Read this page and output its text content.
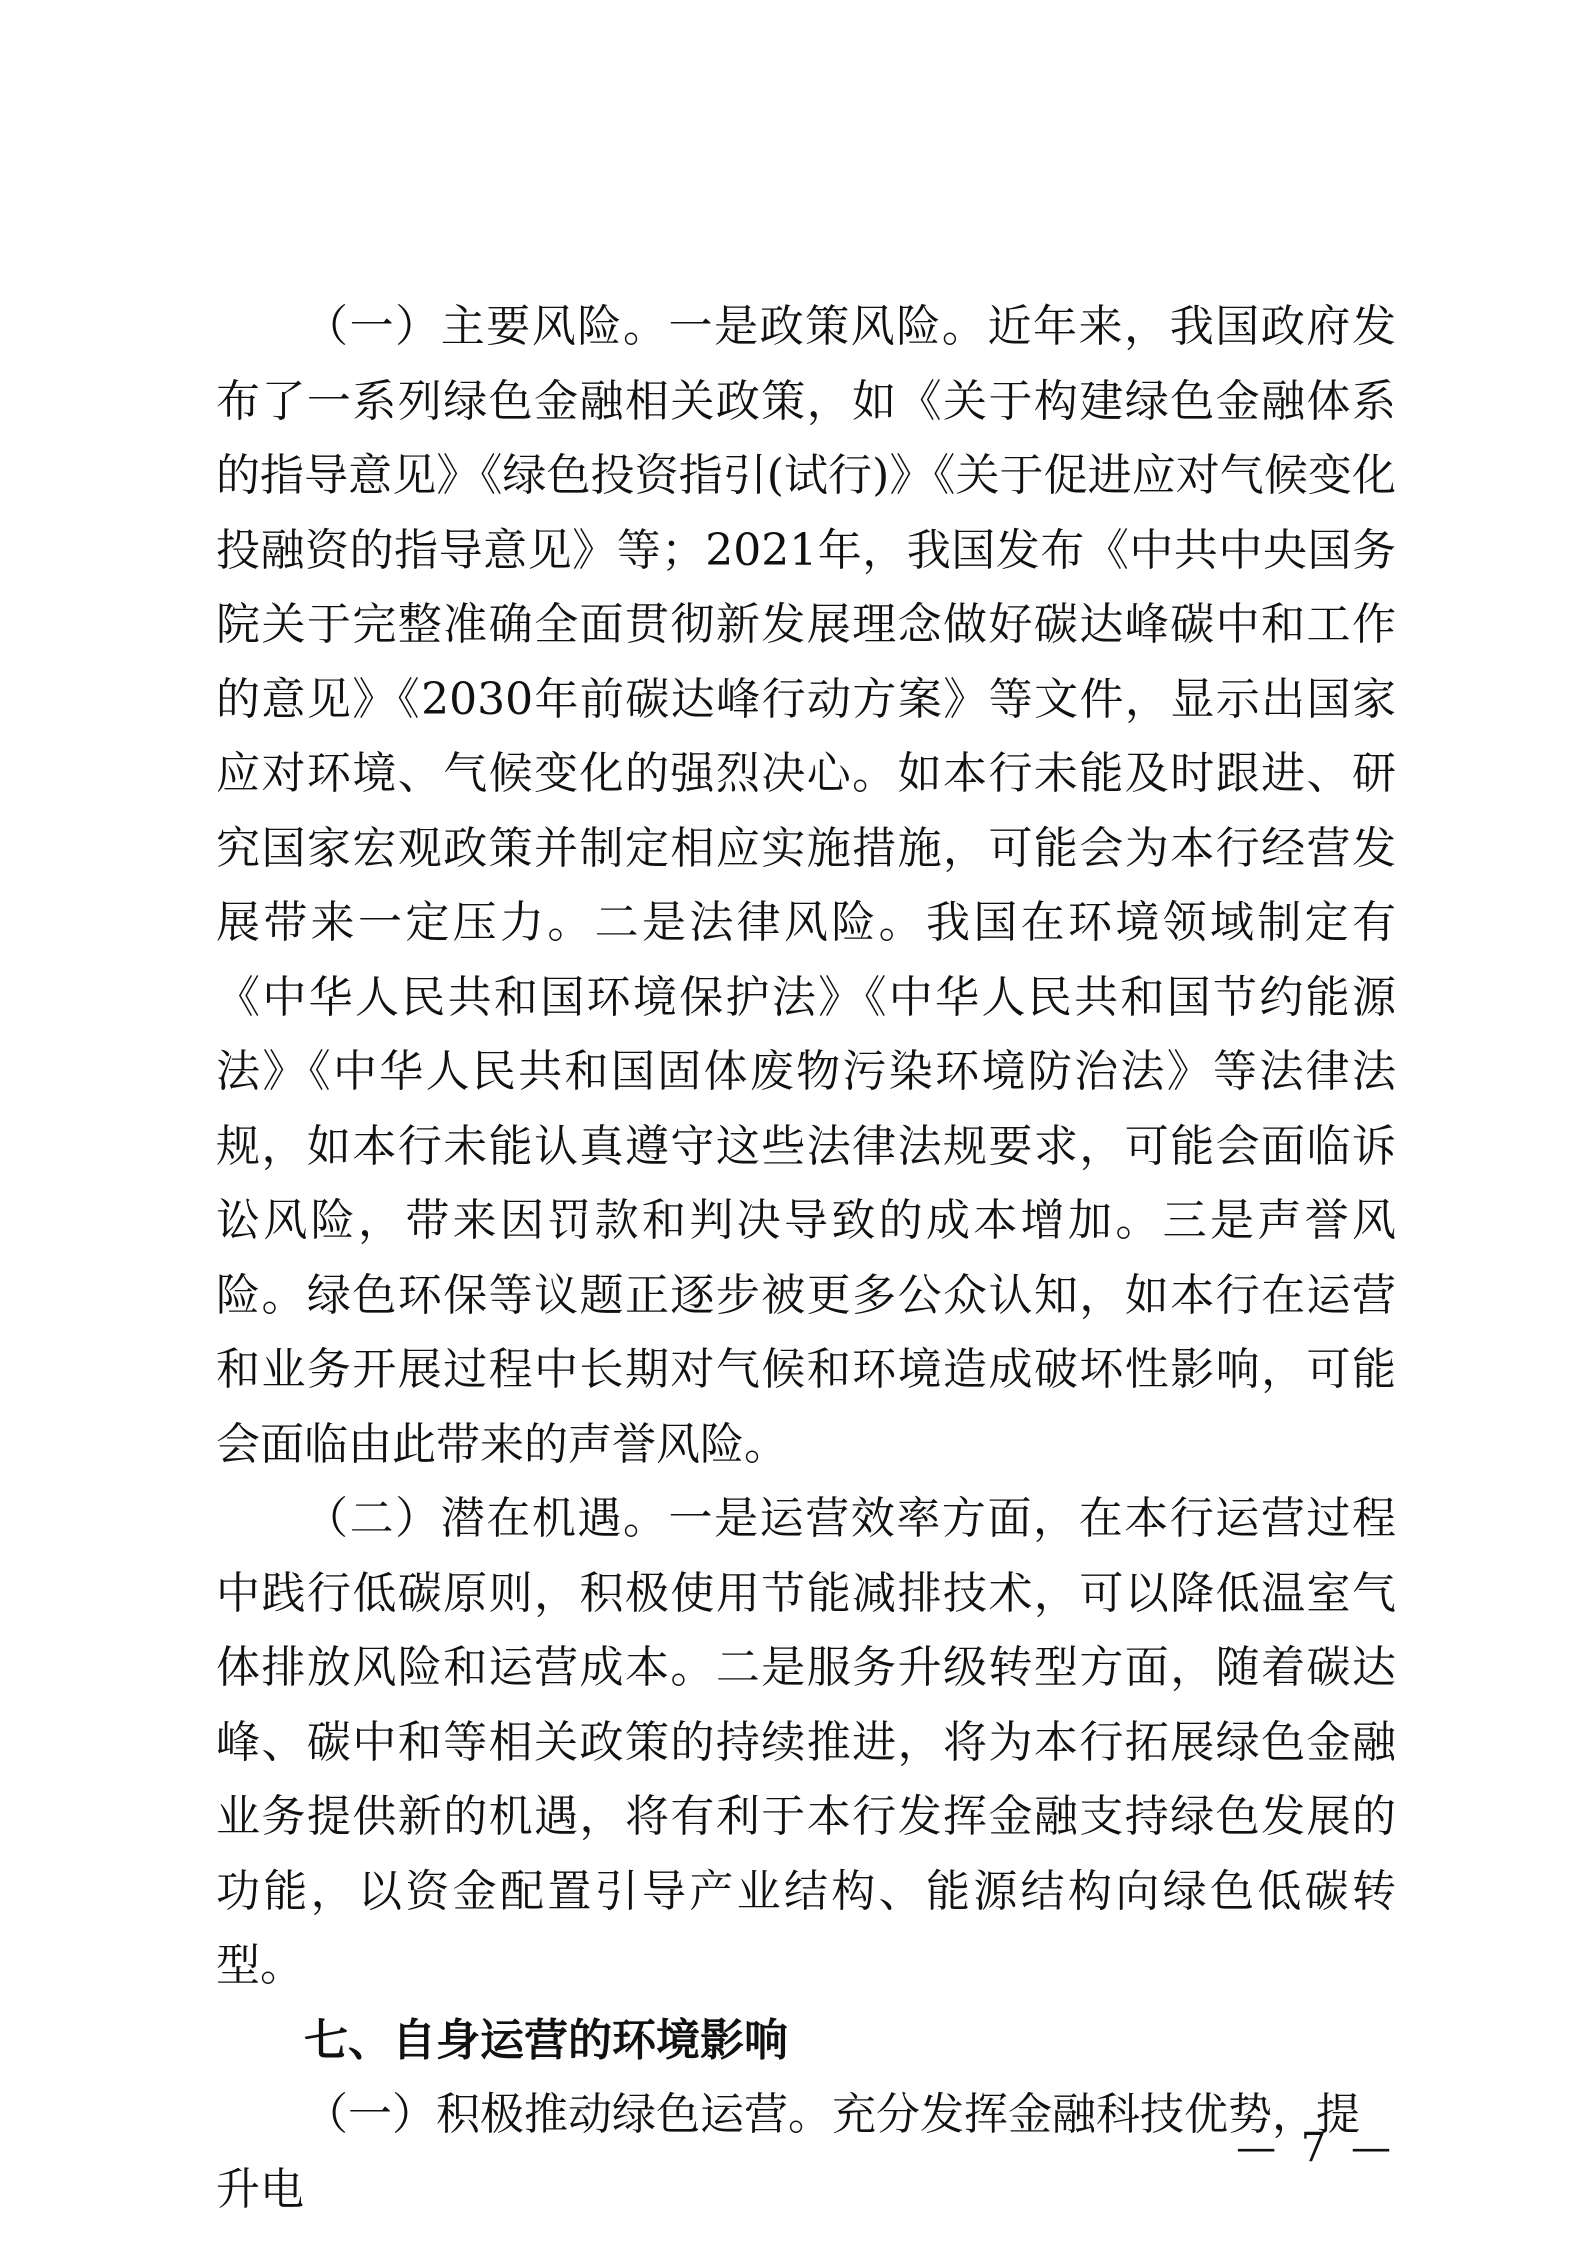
（一）主要风险。一是政策风险。近年来，我国政府发布了一系列绿色金融相关政策，如《关于构建绿色金融体系的指导意见》《绿色投资指引(试行)》《关于促进应对气候变化投融资的指导意见》等；2021年，我国发布《中共中央国务院关于完整准确全面贯彻新发展理念做好碳达峰碳中和工作的意见》《2030年前碳达峰行动方案》等文件，显示出国家应对环境、气候变化的强烈决心。如本行未能及时跟进、研究国家宏观政策并制定相应实施措施，可能会为本行经营发展带来一定压力。二是法律风险。我国在环境领域制定有《中华人民共和国环境保护法》《中华人民共和国节约能源法》《中华人民共和国固体废物污染环境防治法》等法律法规，如本行未能认真遵守这些法律法规要求，可能会面临诉讼风险，带来因罚款和判决导致的成本增加。三是声誉风险。绿色环保等议题正逐步被更多公众认知，如本行在运营和业务开展过程中长期对气候和环境造成破坏性影响，可能会面临由此带来的声誉风险。

（二）潜在机遇。一是运营效率方面，在本行运营过程中践行低碳原则，积极使用节能减排技术，可以降低温室气体排放风险和运营成本。二是服务升级转型方面，随着碳达峰、碳中和等相关政策的持续推进，将为本行拓展绿色金融业务提供新的机遇，将有利于本行发挥金融支持绿色发展的功能，以资金配置引导产业结构、能源结构向绿色低碳转型。

七、自身运营的环境影响

（一）积极推动绿色运营。充分发挥金融科技优势，提升电

— 7 —
